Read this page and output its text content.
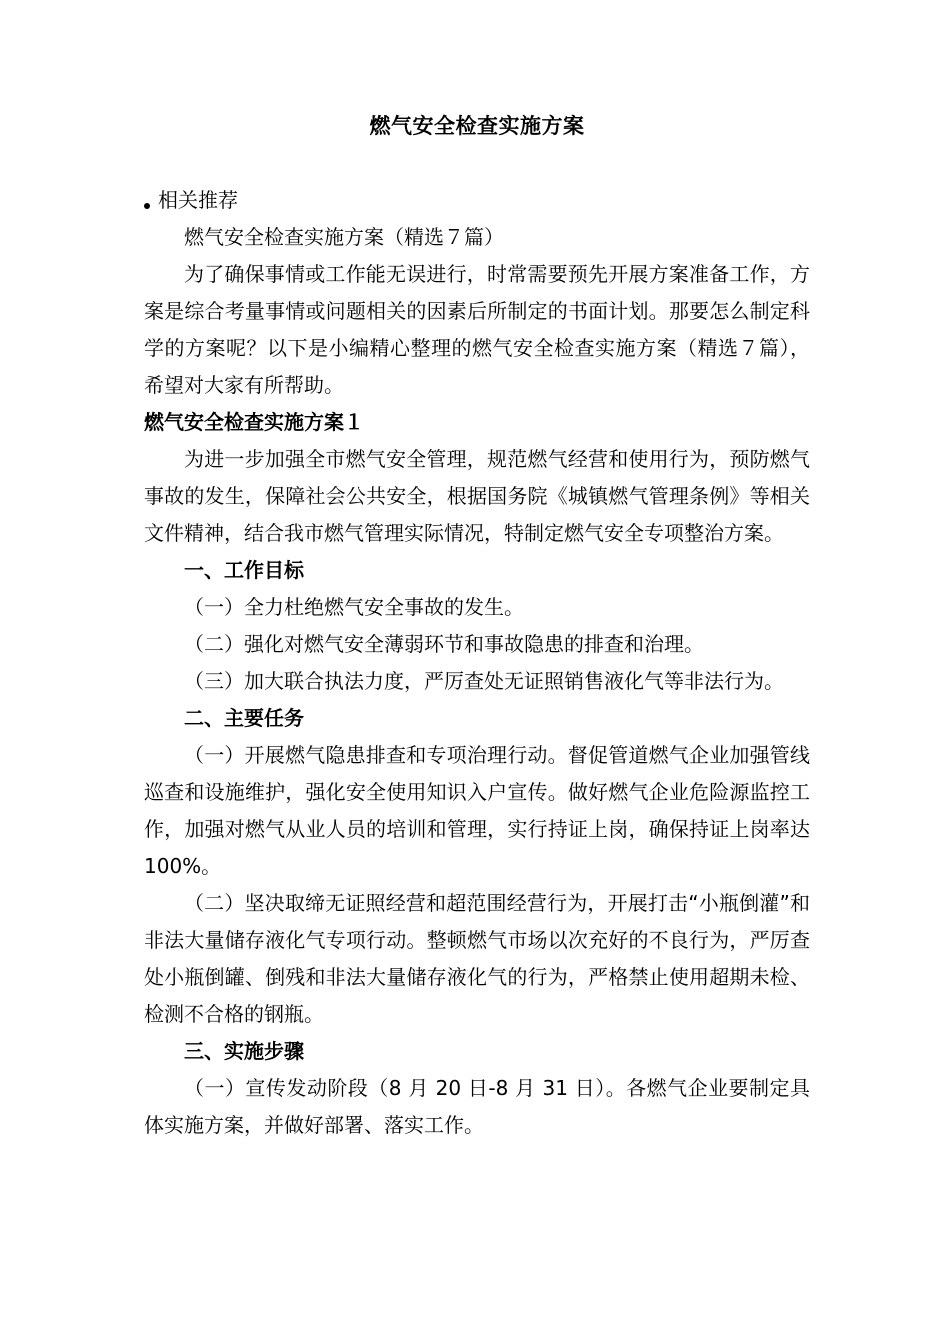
燃气安全检查实施方案
相关推荐
燃气安全检查实施方案（精选７篇）

为了确保事情或工作能无误进行，时常需要预先开展方案准备工作，方案是综合考量事情或问题相关的因素后所制定的书面计划。那要怎么制定科学的方案呢？以下是小编精心整理的燃气安全检查实施方案（精选７篇），希望对大家有所帮助。

燃气安全检查实施方案１

为进一步加强全市燃气安全管理，规范燃气经营和使用行为，预防燃气事故的发生，保障社会公共安全，根据国务院《城镇燃气管理条例》等相关文件精神，结合我市燃气管理实际情况，特制定燃气安全专项整治方案。

一、工作目标

（一）全力杜绝燃气安全事故的发生。

（二）强化对燃气安全薄弱环节和事故隐患的排查和治理。

（三）加大联合执法力度，严厉查处无证照销售液化气等非法行为。

二、主要任务

（一）开展燃气隐患排查和专项治理行动。督促管道燃气企业加强管线巡查和设施维护，强化安全使用知识入户宣传。做好燃气企业危险源监控工作，加强对燃气从业人员的培训和管理，实行持证上岗，确保持证上岗率达 100%。

（二）坚决取缔无证照经营和超范围经营行为，开展打击“小瓶倒灌”和非法大量储存液化气专项行动。整顿燃气市场以次充好的不良行为，严厉查处小瓶倒罐、倒残和非法大量储存液化气的行为，严格禁止使用超期未检、检测不合格的钢瓶。

三、实施步骤

（一）宣传发动阶段（8 月 20 日-8 月 31 日）。各燃气企业要制定具体实施方案，并做好部署、落实工作。
